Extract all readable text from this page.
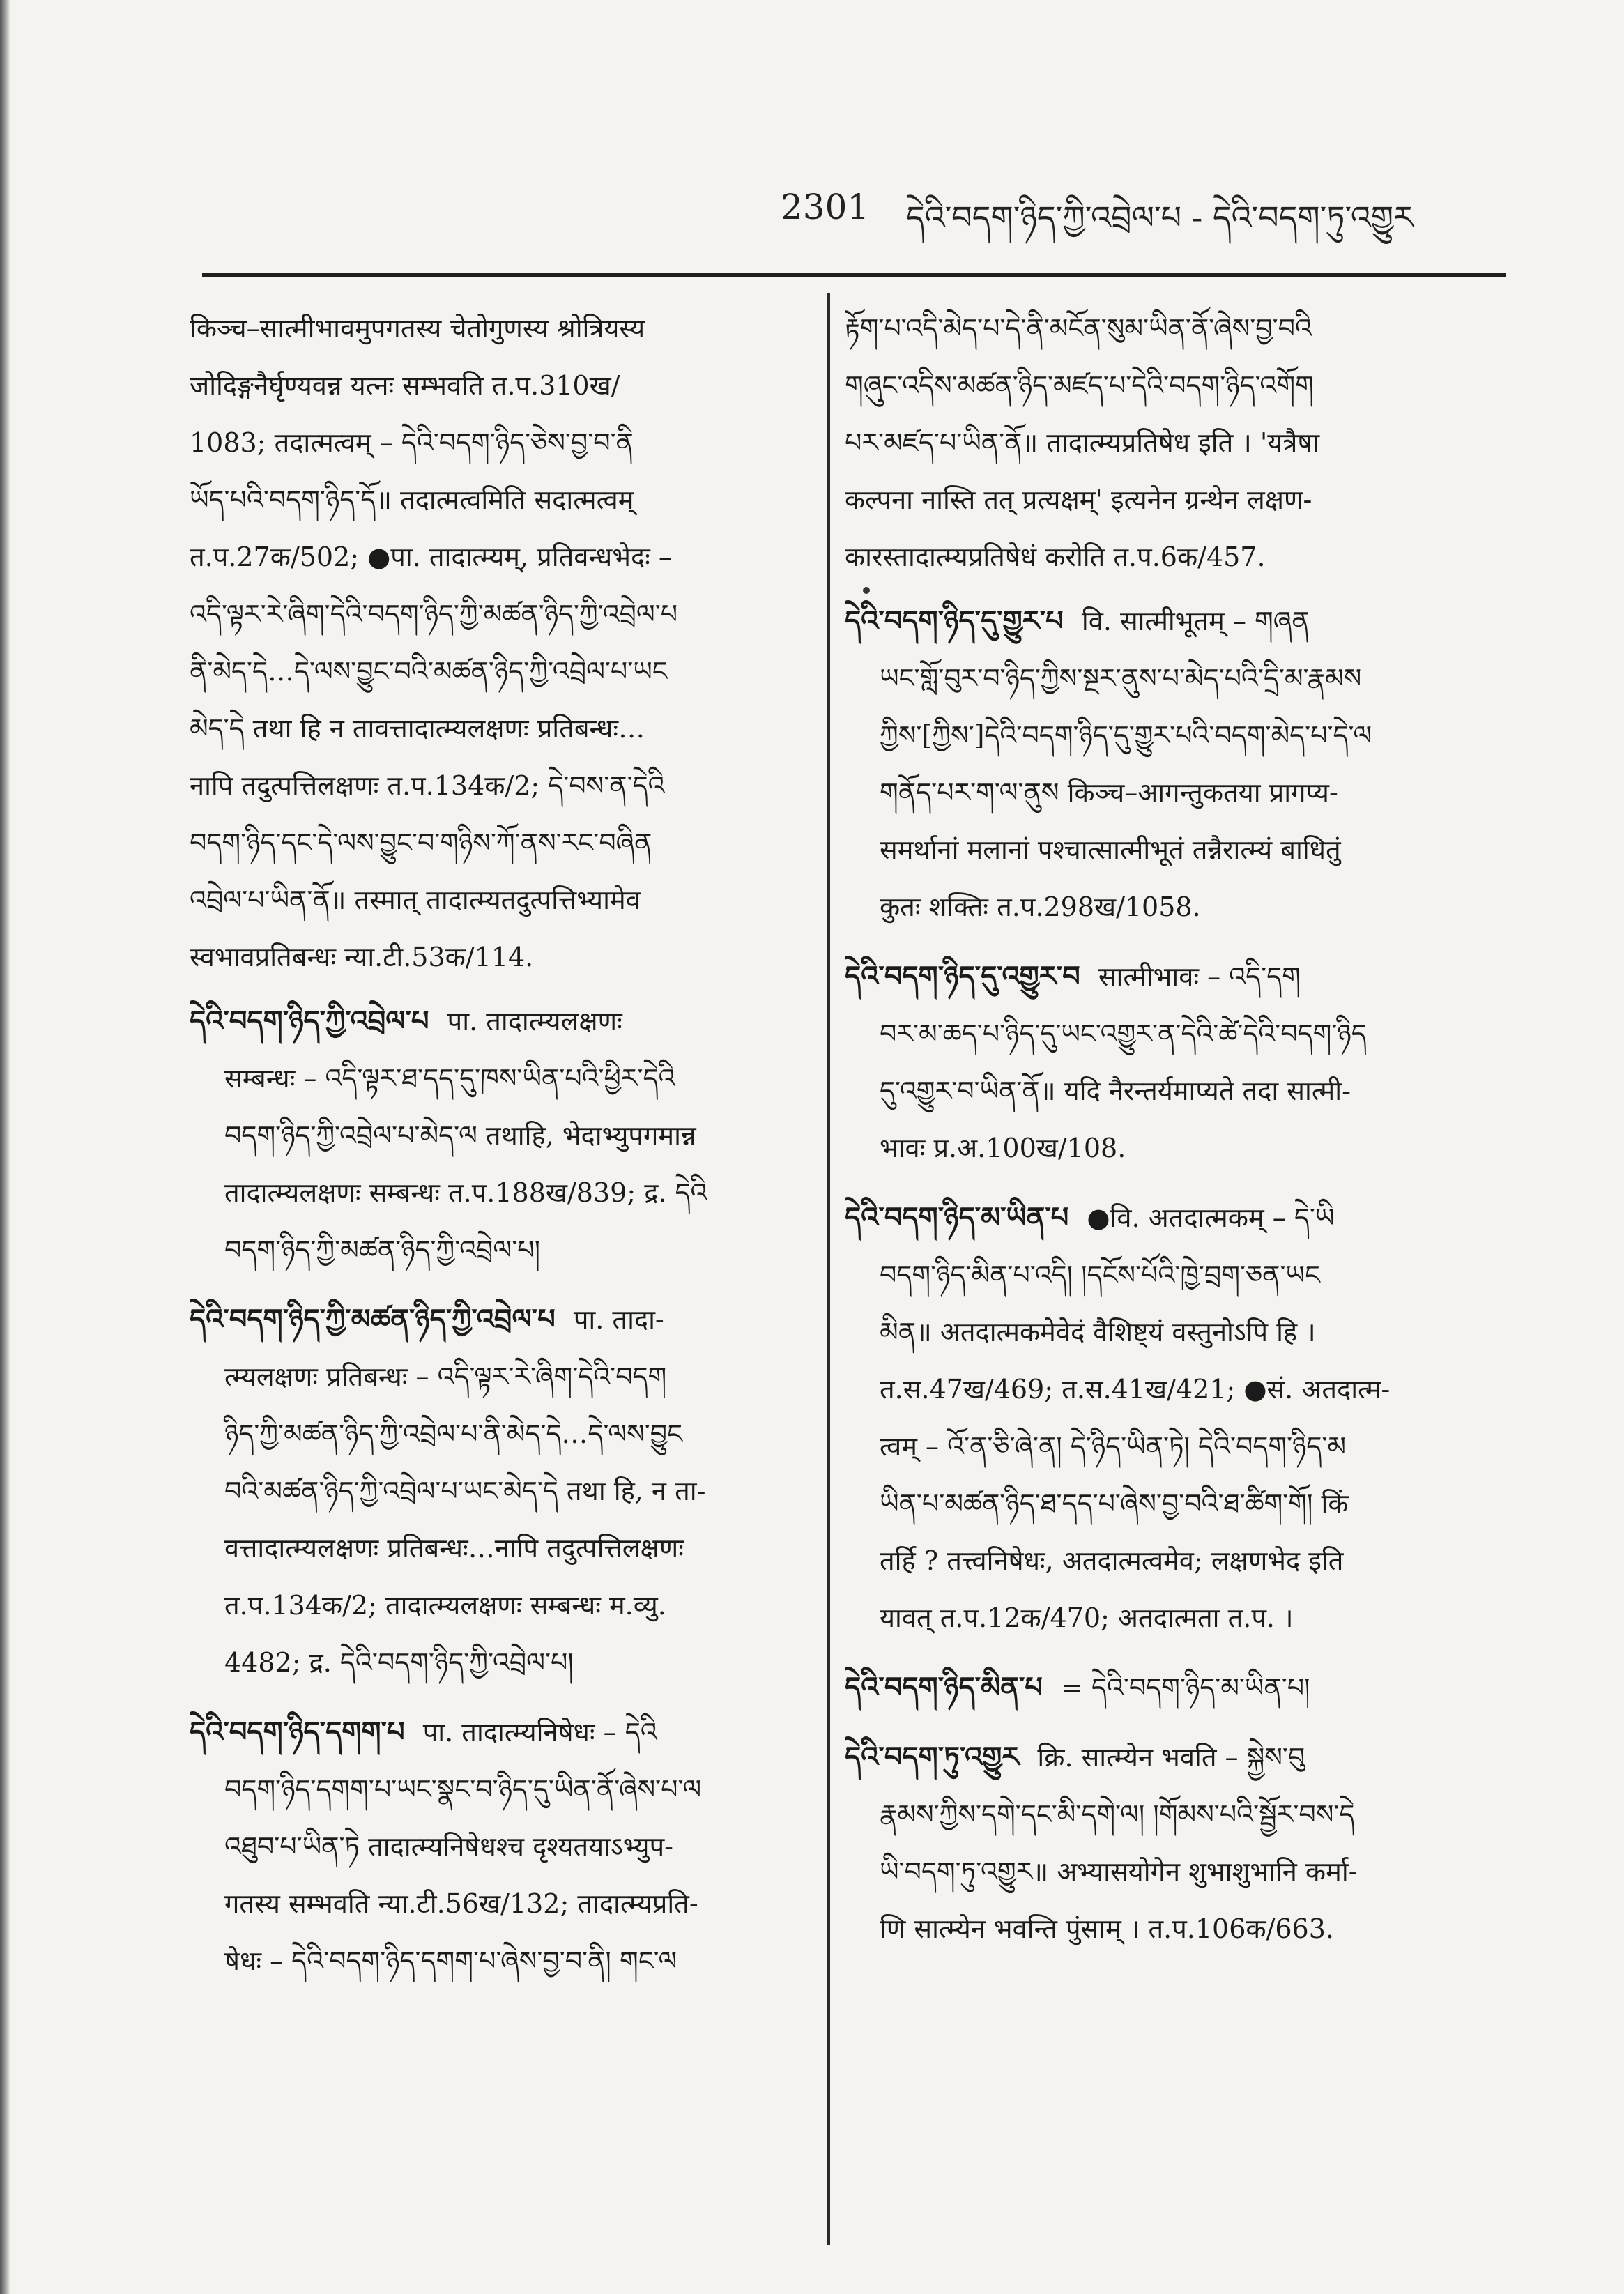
2301 དེའི་བདག་ཉིད་ཀྱི་འབྲེལ་པ - དེའི་བདག་ཏུ་འགྱུར
किञ्च–सात्मीभावमुपगतस्य चेतोगुणस्य श्रोत्रियस्य
जोदिङ्गनैर्घृण्यवन्न यत्नः सम्भवति त.प.310ख/
1083; तदात्मत्वम् – དེའི་བདག་ཉིད་ཅེས་བྱ་བ་ནི
ཡོད་པའི་བདག་ཉིད་དོ॥ तदात्मत्वमिति सदात्मत्वम्
त.प.27क/502; ●पा. तादात्म्यम्, प्रतिवन्धभेदः –
འདི་ལྟར་རེ་ཞིག་དེའི་བདག་ཉིད་ཀྱི་མཚན་ཉིད་ཀྱི་འབྲེལ་པ
ནི་མེད་དེ…དེ་ལས་བྱུང་བའི་མཚན་ཉིད་ཀྱི་འབྲེལ་པ་ཡང
མེད་དེ तथा हि न तावत्तादात्म्यलक्षणः प्रतिबन्धः…
नापि तदुत्पत्तिलक्षणः त.प.134क/2; དེ་བས་ན་དེའི
བདག་ཉིད་དང་དེ་ལས་བྱུང་བ་གཉིས་ཀོ་ནས་རང་བཞིན
འབྲེལ་པ་ཡིན་ནོ॥ तस्मात् तादात्म्यतदुत्पत्तिभ्यामेव
स्वभावप्रतिबन्धः न्या.टी.53क/114.
དེའི་བདག་ཉིད་ཀྱི་འབྲེལ་པ पा. तादात्म्यलक्षणः
सम्बन्धः – འདི་ལྟར་ཐ་དད་དུ་ཁས་ཡིན་པའི་ཕྱིར་དེའི
བདག་ཉིད་ཀྱི་འབྲེལ་པ་མེད་ལ तथाहि, भेदाभ्युपगमान्न
तादात्म्यलक्षणः सम्बन्धः त.प.188ख/839; द्र. དེའི
བདག་ཉིད་ཀྱི་མཚན་ཉིད་ཀྱི་འབྲེལ་པ།
དེའི་བདག་ཉིད་ཀྱི་མཚན་ཉིད་ཀྱི་འབྲེལ་པ पा. तादा-
त्म्यलक्षणः प्रतिबन्धः – འདི་ལྟར་རེ་ཞིག་དེའི་བདག
ཉིད་ཀྱི་མཚན་ཉིད་ཀྱི་འབྲེལ་པ་ནི་མེད་དེ…དེ་ལས་བྱུང
བའི་མཚན་ཉིད་ཀྱི་འབྲེལ་པ་ཡང་མེད་དེ तथा हि, न ता-
वत्तादात्म्यलक्षणः प्रतिबन्धः…नापि तदुत्पत्तिलक्षणः
त.प.134क/2; तादात्म्यलक्षणः सम्बन्धः म.व्यु.
4482; द्र. དེའི་བདག་ཉིད་ཀྱི་འབྲེལ་པ།
དེའི་བདག་ཉིད་དགག་པ पा. तादात्म्यनिषेधः – དེའི
བདག་ཉིད་དགག་པ་ཡང་སྣང་བ་ཉིད་དུ་ཡིན་ནོ་ཞེས་པ་ལ
འཐུབ་པ་ཡིན་ཏེ तादात्म्यनिषेधश्च दृश्यतयाऽभ्युप-
गतस्य सम्भवति न्या.टी.56ख/132; तादात्म्यप्रति-
षेधः – དེའི་བདག་ཉིད་དགག་པ་ཞེས་བྱ་བ་ནི། གང་ལ
རྟོག་པ་འདི་མེད་པ་དེ་ནི་མངོན་སུམ་ཡིན་ནོ་ཞེས་བྱ་བའི
གཞུང་འདིས་མཚན་ཉིད་མཛད་པ་དེའི་བདག་ཉིད་འགོག
པར་མཛད་པ་ཡིན་ནོ॥ तादात्म्यप्रतिषेध इति । 'यत्रैषा
कल्पना नास्ति तत् प्रत्यक्षम्' इत्यनेन ग्रन्थेन लक्षण-
कारस्तादात्म्यप्रतिषेधं करोति त.प.6क/457.
དེའི་བདག་ཉིད་དུ་གྱུར་པ वि. सात्मीभूतम् – གཞན
ཡང་གློ་བུར་བ་ཉིད་ཀྱིས་སྔར་ནུས་པ་མེད་པའི་དྲི་མ་རྣམས
ཀྱིས་[ཀྱིས་]དེའི་བདག་ཉིད་དུ་གྱུར་པའི་བདག་མེད་པ་དེ་ལ
གནོད་པར་ག་ལ་ནུས किञ्च–आगन्तुकतया प्रागप्य-
समर्थानां मलानां पश्चात्सात्मीभूतं तन्नैरात्म्यं बाधितुं
कुतः शक्तिः त.प.298ख/1058.
དེའི་བདག་ཉིད་དུ་འགྱུར་བ सात्मीभावः – འདི་དག
བར་མ་ཆད་པ་ཉིད་དུ་ཡང་འགྱུར་ན་དེའི་ཚེ་དེའི་བདག་ཉིད
དུ་འགྱུར་བ་ཡིན་ནོ॥ यदि नैरन्तर्यमाप्यते तदा सात्मी-
भावः प्र.अ.100ख/108.
དེའི་བདག་ཉིད་མ་ཡིན་པ ●वि. अतदात्मकम् – དེ་ཡི
བདག་ཉིད་མིན་པ་འདི། །དངོས་པོའི་ཁྱེ་བྲག་ཅན་ཡང
མིན॥ अतदात्मकमेवेदं वैशिष्ट्यं वस्तुनोऽपि हि ।
त.स.47ख/469; त.स.41ख/421; ●सं. अतदात्म-
त्वम् – འོ་ན་ཅི་ཞེ་ན། དེ་ཉིད་ཡིན་ཏེ། དེའི་བདག་ཉིད་མ
ཡིན་པ་མཚན་ཉིད་ཐ་དད་པ་ཞེས་བྱ་བའི་ཐ་ཚིག་གོ། किं
तर्हि ? तत्त्वनिषेधः, अतदात्मत्वमेव; लक्षणभेद इति
यावत् त.प.12क/470; अतदात्मता त.प. ।
དེའི་བདག་ཉིད་མིན་པ = དེའི་བདག་ཉིད་མ་ཡིན་པ།
དེའི་བདག་ཏུ་འགྱུར क्रि. सात्म्येन भवति – སྐྱེས་བུ
རྣམས་ཀྱིས་དགེ་དང་མི་དགེ་ལ། །གོམས་པའི་སྦྱོར་བས་དེ
ཡི་བདག་ཏུ་འགྱུར॥ अभ्यासयोगेन शुभाशुभानि कर्मा-
णि सात्म्येन भवन्ति पुंसाम् । त.प.106क/663.
